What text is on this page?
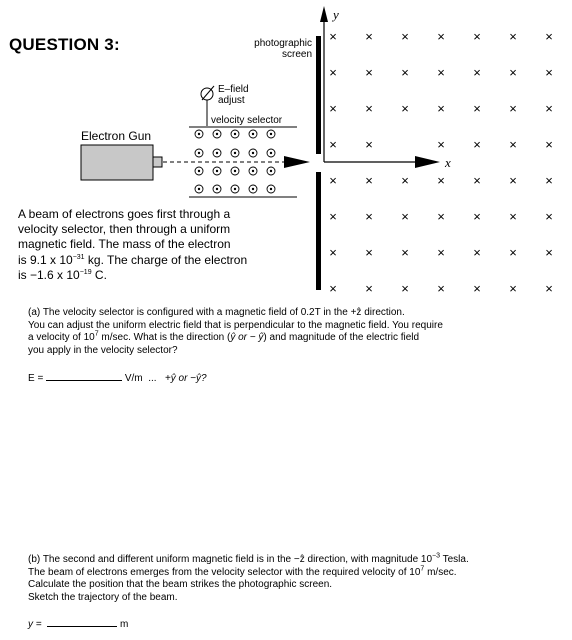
x
y
photographic
screen
× × × × × × ×
× × × × × × ×
× × × × × × ×
× ×	× × × ×
× × × × × × ×
× × × × × × ×
× × × × × × ×
× × × × × × ×
E–field
adjust
velocity selector
Electron Gun
QUESTION 3:
A beam of electrons goes first through a
velocity selector, then through a uniform
magnetic field. The mass of the electron
is 9.1 x $10^{-31}$ kg. The charge of the electron
is −1.6 x $10^{-19}$ C.
(a) The velocity selector is configured with a magnetic field of 0.2T in the +ẑ direction.
You can adjust the uniform electric field that is perpendicular to the magnetic field. You require
a velocity of $10^7$ m/sec. What is the direction (ŷ or − ŷ) and magnitude of the electric field
you apply in the velocity selector?
E =	V/m ... +ŷ or −ŷ?
(b) The second and different uniform magnetic field is in the −ẑ direction, with magnitude $10^{-3}$ Tesla.
The beam of electrons emerges from the velocity selector with the required velocity of $10^7$ m/sec.
Calculate the position that the beam strikes the photographic screen.
Sketch the trajectory of the beam.
y =	m
